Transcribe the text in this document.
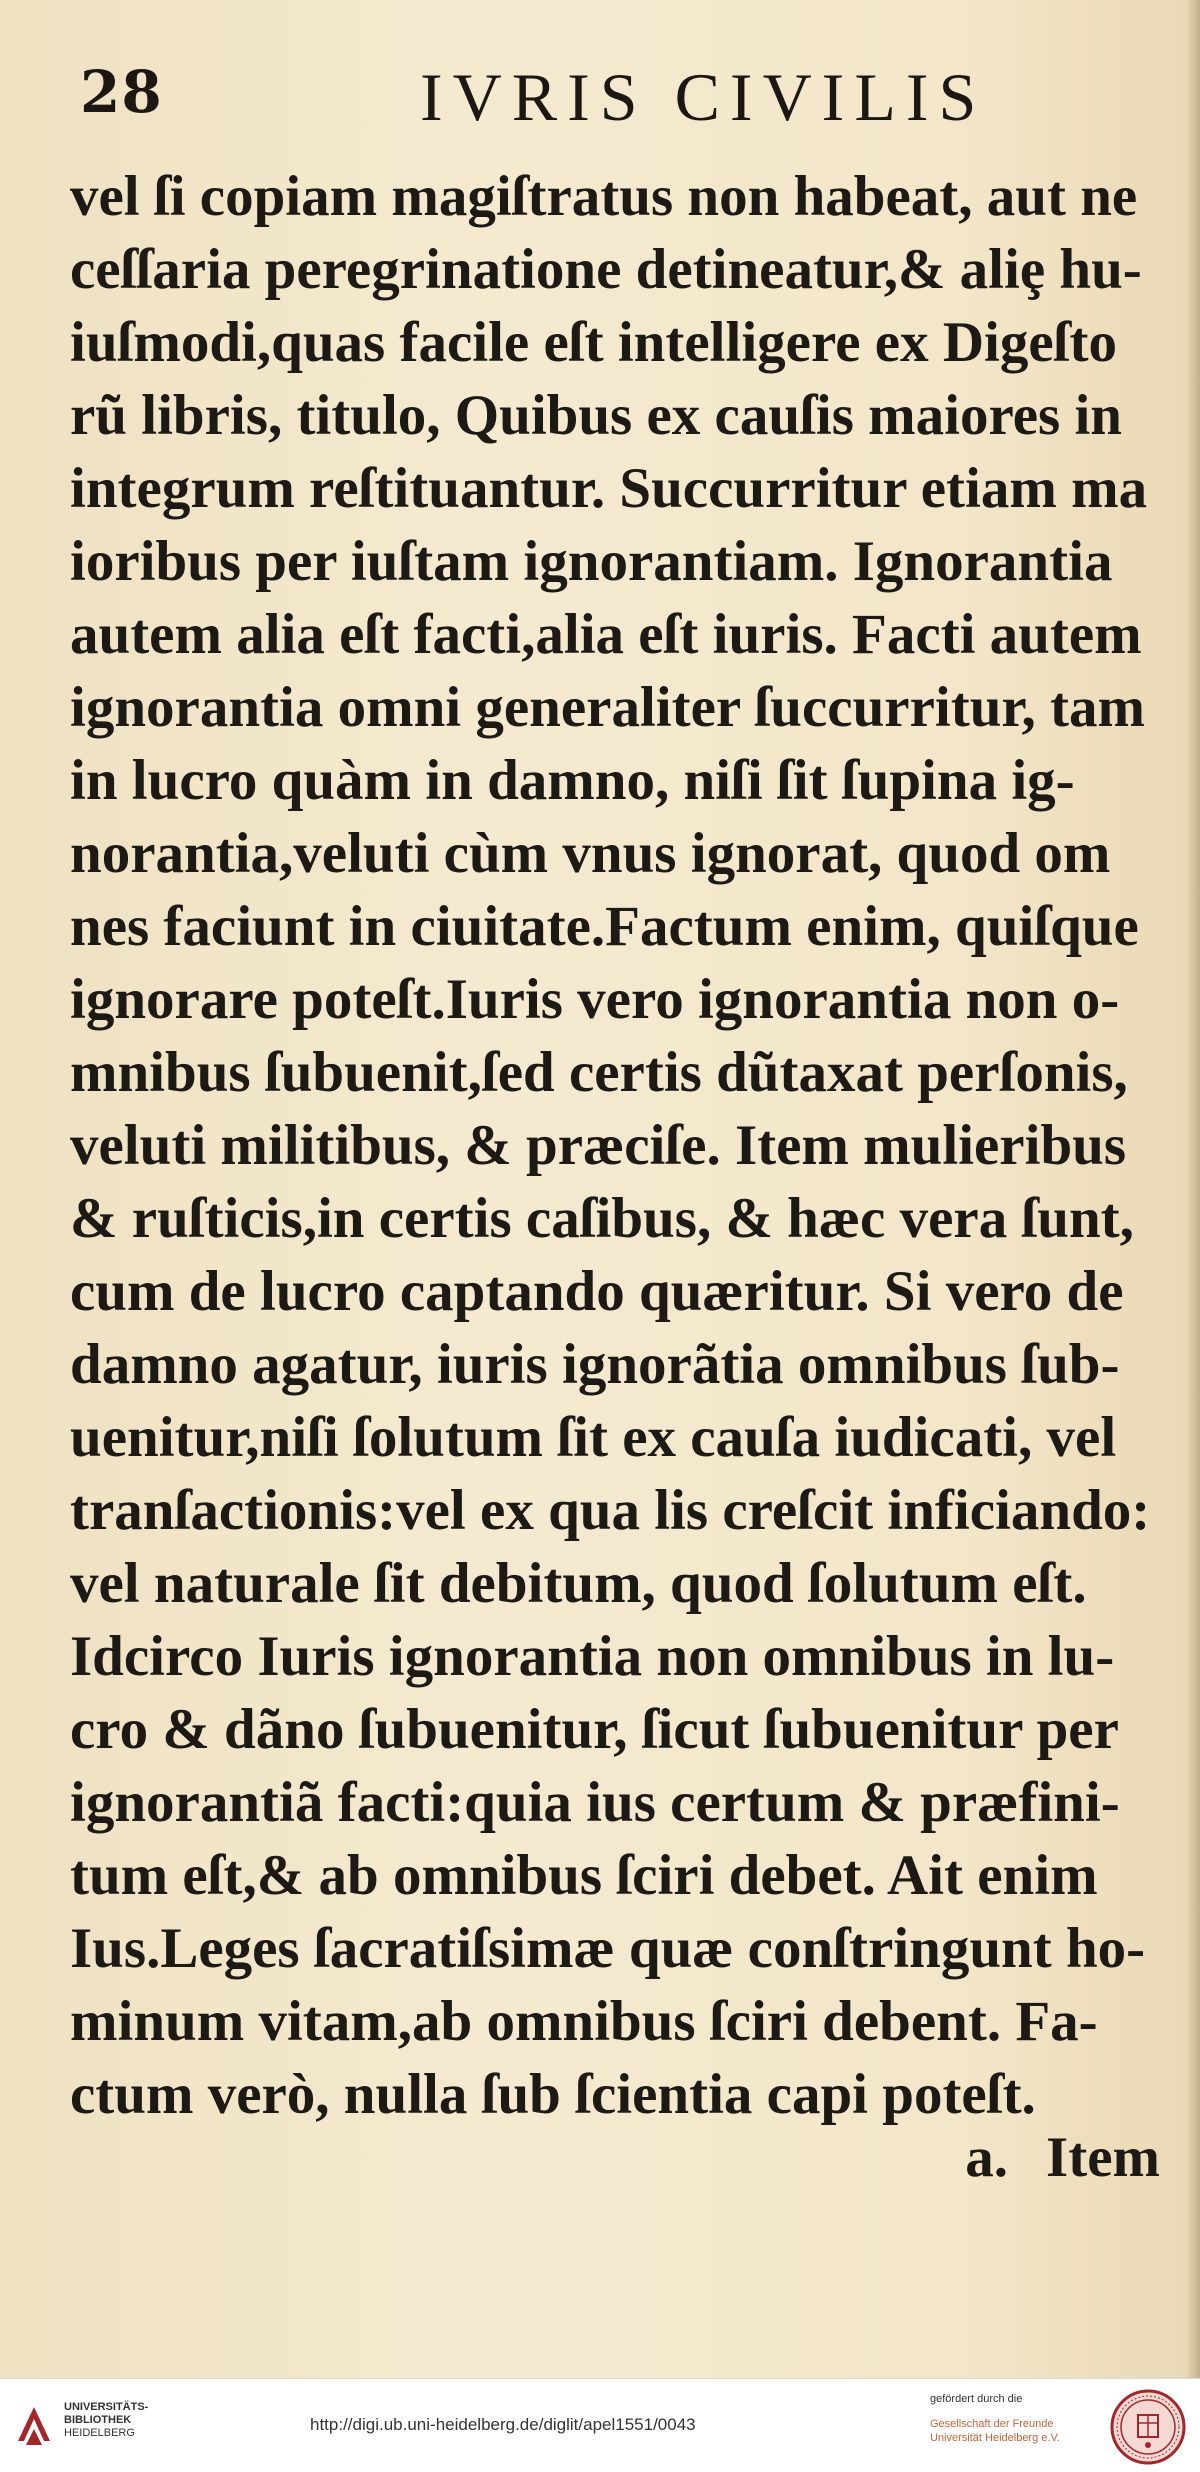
28	IVRIS CIVILIS
vel ſi copiam magiſtratus non habeat, aut ne
ceſſaria peregrinatione detineatur,& aliȩ hu-
iuſmodi,quas facile eſt intelligere ex Digeſto
rũ libris, titulo, Quibus ex cauſis maiores in
integrum reſtituantur. Succurritur etiam ma
ioribus per iuſtam ignorantiam. Ignorantia
autem alia eſt facti,alia eſt iuris. Facti autem
ignorantia omni generaliter ſuccurritur, tam
in lucro quàm in damno, niſi ſit ſupina ig-
norantia,veluti cùm vnus ignorat, quod om
nes faciunt in ciuitate.Factum enim, quiſque
ignorare poteſt.Iuris vero ignorantia non o-
mnibus ſubuenit,ſed certis dũtaxat perſonis,
veluti militibus, & præciſe. Item mulieribus
& ruſticis,in certis caſibus, & hæc vera ſunt,
cum de lucro captando quæritur. Si vero de
damno agatur, iuris ignorãtia omnibus ſub-
uenitur,niſi ſolutum ſit ex cauſa iudicati, vel
tranſactionis:vel ex qua lis creſcit inficiando:
vel naturale ſit debitum, quod ſolutum eſt.
Idcirco Iuris ignorantia non omnibus in lu-
cro & dãno ſubuenitur, ſicut ſubuenitur per
ignorantiã facti:quia ius certum & præfini-
tum eſt,& ab omnibus ſciri debet. Ait enim
Ius.Leges ſacratiſsimæ quæ conſtringunt ho-
minum vitam,ab omnibus ſciri debent. Fa-
ctum verò, nulla ſub ſcientia capi poteſt.
a. Item
UNIVERSITÄTS-
BIBLIOTHEK
HEIDELBERG	http://digi.ub.uni-heidelberg.de/diglit/apel1551/0043
gefördert durch die
Gesellschaft der Freunde
Universität Heidelberg e.V.
